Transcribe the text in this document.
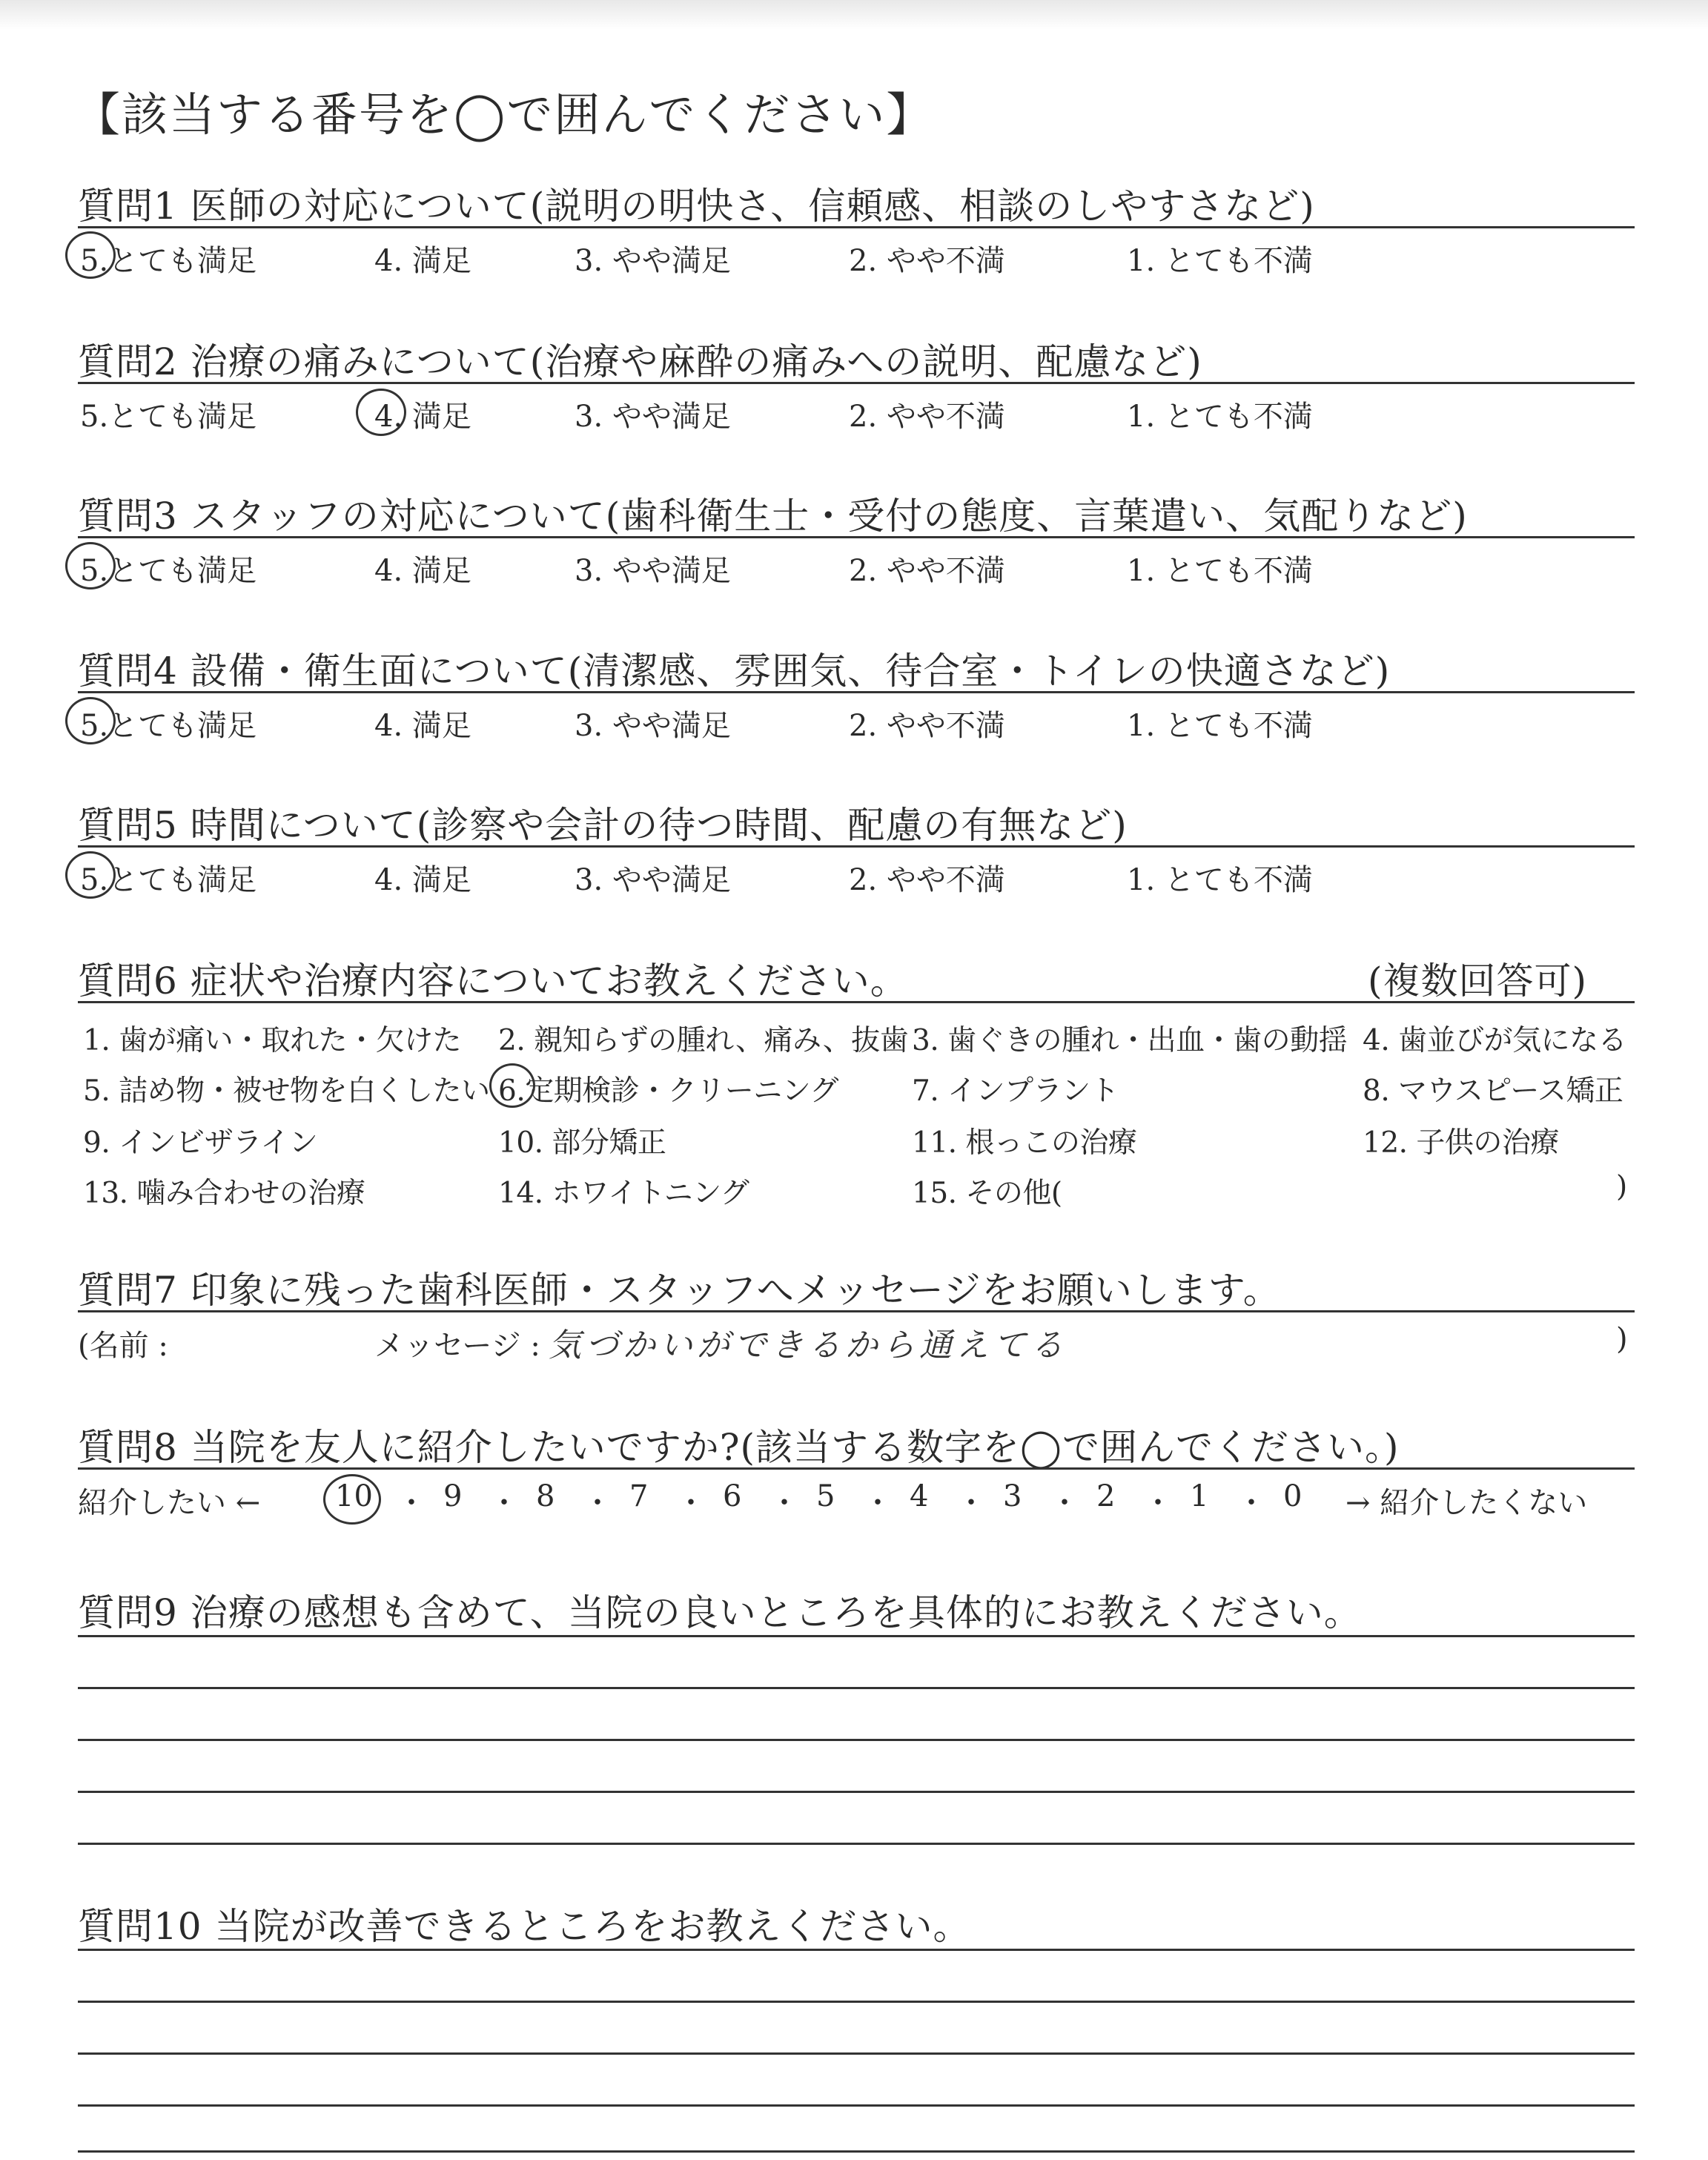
【該当する番号を◯で囲んでください】
質問1 医師の対応について(説明の明快さ、信頼感、相談のしやすさなど)
5.とても満足	4. 満足	3. やや満足	2. やや不満	1. とても不満
質問2 治療の痛みについて(治療や麻酔の痛みへの説明、配慮など)
5.とても満足	4. 満足	3. やや満足	2. やや不満	1. とても不満
質問3 スタッフの対応について(歯科衛生士・受付の態度、言葉遣い、気配りなど)
5.とても満足	4. 満足	3. やや満足	2. やや不満	1. とても不満
質問4 設備・衛生面について(清潔感、雰囲気、待合室・トイレの快適さなど)
5.とても満足	4. 満足	3. やや満足	2. やや不満	1. とても不満
質問5 時間について(診察や会計の待つ時間、配慮の有無など)
5.とても満足	4. 満足	3. やや満足	2. やや不満	1. とても不満
質問6 症状や治療内容についてお教えください。	(複数回答可)
1. 歯が痛い・取れた・欠けた 2. 親知らずの腫れ、痛み、抜歯 3. 歯ぐきの腫れ・出血・歯の動揺 4. 歯並びが気になる
5. 詰め物・被せ物を白くしたい 6.定期検診・クリーニング	7. インプラント	8. マウスピース矯正
9. インビザライン	10. 部分矯正	11. 根っこの治療	12. 子供の治療
13. 噛み合わせの治療	14. ホワイトニング	15. その他(	)
質問7 印象に残った歯科医師・スタッフへメッセージをお願いします。
(名前 :	メッセージ : 気づかいができるから通えてる	)
質問8 当院を友人に紹介したいですか?(該当する数字を◯で囲んでください。)
紹介したい ←	→ 紹介したくない
10 ・ 9 ・ 8 ・ 7 ・ 6 ・ 5 ・ 4 ・ 3 ・ 2 ・ 1 ・ 0
質問9 治療の感想も含めて、当院の良いところを具体的にお教えください。
質問10 当院が改善できるところをお教えください。
